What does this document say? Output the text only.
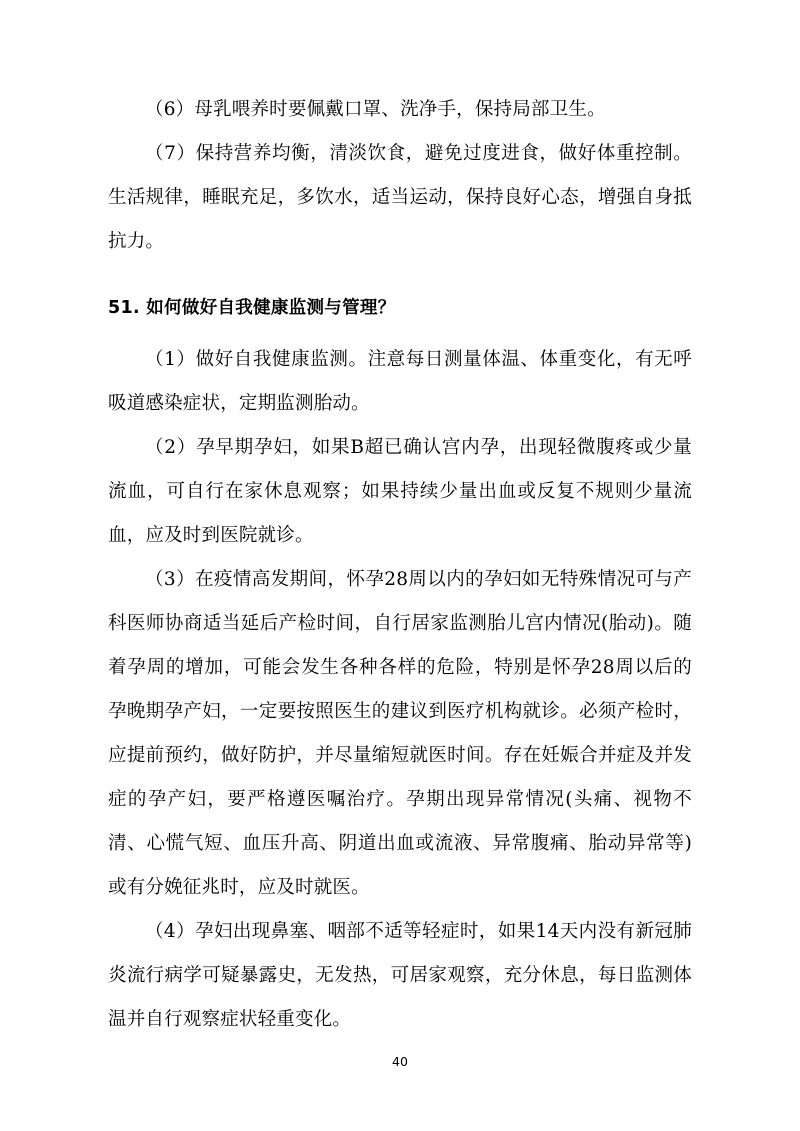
（6）母乳喂养时要佩戴口罩、洗净手，保持局部卫生。

（7）保持营养均衡，清淡饮食，避免过度进食，做好体重控制。生活规律，睡眠充足，多饮水，适当运动，保持良好心态，增强自身抵抗力。

51. 如何做好自我健康监测与管理？

（1）做好自我健康监测。注意每日测量体温、体重变化，有无呼吸道感染症状，定期监测胎动。

（2）孕早期孕妇，如果B超已确认宫内孕，出现轻微腹疼或少量流血，可自行在家休息观察；如果持续少量出血或反复不规则少量流血，应及时到医院就诊。

（3）在疫情高发期间，怀孕28周以内的孕妇如无特殊情况可与产科医师协商适当延后产检时间，自行居家监测胎儿宫内情况(胎动)。随着孕周的增加，可能会发生各种各样的危险，特别是怀孕28周以后的孕晚期孕产妇，一定要按照医生的建议到医疗机构就诊。必须产检时，应提前预约，做好防护，并尽量缩短就医时间。存在妊娠合并症及并发症的孕产妇，要严格遵医嘱治疗。孕期出现异常情况(头痛、视物不清、心慌气短、血压升高、阴道出血或流液、异常腹痛、胎动异常等)或有分娩征兆时，应及时就医。

（4）孕妇出现鼻塞、咽部不适等轻症时，如果14天内没有新冠肺炎流行病学可疑暴露史，无发热，可居家观察，充分休息，每日监测体温并自行观察症状轻重变化。

40
